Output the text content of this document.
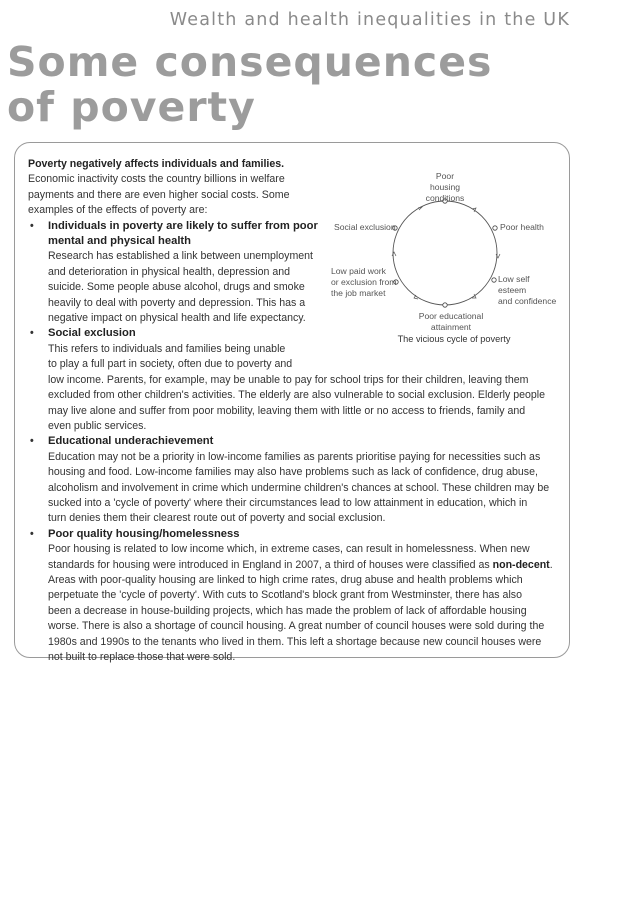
Wealth and health inequalities in the UK
Some consequences
of poverty
Poor housing
conditions
Social exclusion	Poor health
Low paid work
or exclusion from
the job market
Low self esteem
and confidence
Poor educational
attainment
The vicious cycle of poverty

Poverty negatively affects individuals and families.

Economic inactivity costs the country billions in welfare

payments and there are even higher social costs. Some

examples of the effects of poverty are:

• Individuals in poverty are likely to suffer from poor

mental and physical health

Research has established a link between unemployment

and deterioration in physical health, depression and

suicide. Some people abuse alcohol, drugs and smoke

heavily to deal with poverty and depression. This has a

negative impact on physical health and life expectancy.

• Social exclusion

This refers to individuals and families being unable

to play a full part in society, often due to poverty and

low income. Parents, for example, may be unable to pay for school trips for their children, leaving them

excluded from other children's activities. The elderly are also vulnerable to social exclusion. Elderly people

may live alone and suffer from poor mobility, leaving them with little or no access to friends, family and

even public services.

• Educational underachievement

Education may not be a priority in low-income families as parents prioritise paying for necessities such as

housing and food. Low-income families may also have problems such as lack of confidence, drug abuse,

alcoholism and involvement in crime which undermine children's chances at school. These children may be

sucked into a 'cycle of poverty' where their circumstances lead to low attainment in education, which in

turn denies them their clearest route out of poverty and social exclusion.

• Poor quality housing/homelessness

Poor housing is related to low income which, in extreme cases, can result in homelessness. When new

standards for housing were introduced in England in 2007, a third of houses were classified as non-decent.

Areas with poor-quality housing are linked to high crime rates, drug abuse and health problems which

perpetuate the 'cycle of poverty'. With cuts to Scotland's block grant from Westminster, there has also

been a decrease in house-building projects, which has made the problem of lack of affordable housing

worse. There is also a shortage of council housing. A great number of council houses were sold during the

1980s and 1990s to the tenants who lived in them. This left a shortage because new council houses were

not built to replace those that were sold.
